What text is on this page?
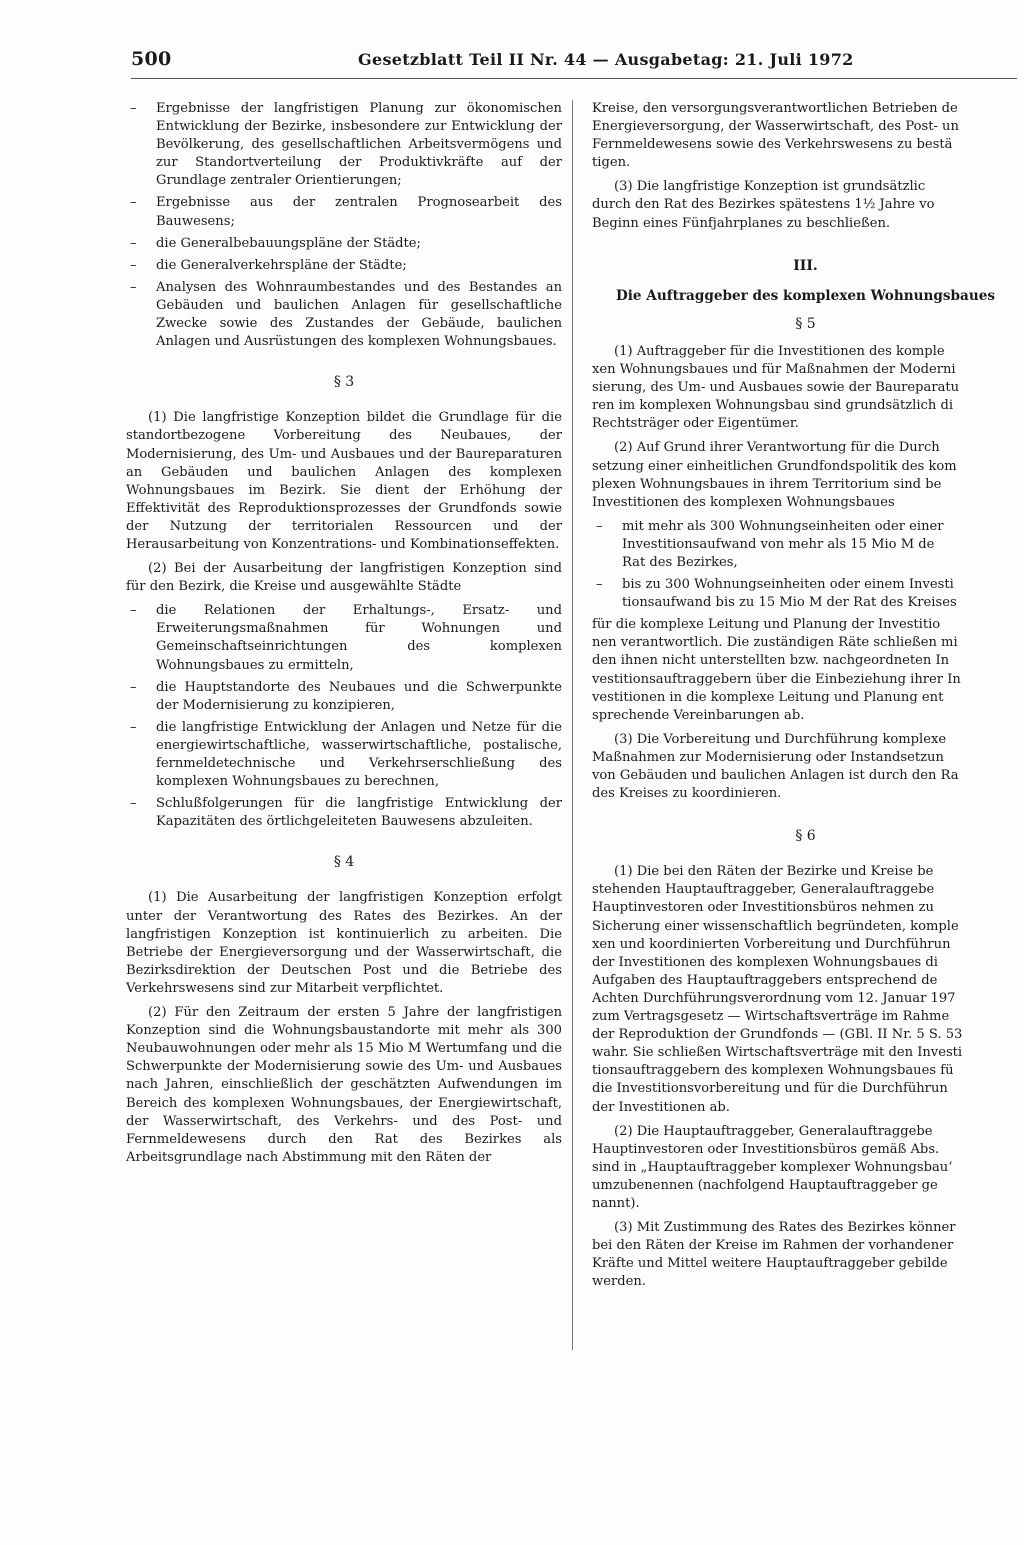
500	Gesetzblatt Teil II Nr. 44 — Ausgabetag: 21. Juli 1972
– Ergebnisse der langfristigen Planung zur ökonomischen Entwicklung der Bezirke, insbesondere zur Entwicklung der Bevölkerung, des gesellschaftlichen Arbeitsvermögens und zur Standortverteilung der Produktivkräfte auf der Grundlage zentraler Orientierungen;
– Ergebnisse aus der zentralen Prognosearbeit des Bauwesens;
– die Generalbebauungspläne der Städte;
– die Generalverkehrspläne der Städte;
– Analysen des Wohnraumbestandes und des Bestandes an Gebäuden und baulichen Anlagen für gesellschaftliche Zwecke sowie des Zustandes der Gebäude, baulichen Anlagen und Ausrüstungen des komplexen Wohnungsbaues.
§ 3
(1) Die langfristige Konzeption bildet die Grundlage für die standortbezogene Vorbereitung des Neubaues, der Modernisierung, des Um- und Ausbaues und der Baureparaturen an Gebäuden und baulichen Anlagen des komplexen Wohnungsbaues im Bezirk. Sie dient der Erhöhung der Effektivität des Reproduktionsprozesses der Grundfonds sowie der Nutzung der territorialen Ressourcen und der Herausarbeitung von Konzentrations- und Kombinationseffekten.
(2) Bei der Ausarbeitung der langfristigen Konzeption sind für den Bezirk, die Kreise und ausgewählte Städte
– die Relationen der Erhaltungs-, Ersatz- und Erweiterungsmaßnahmen für Wohnungen und Gemeinschaftseinrichtungen des komplexen Wohnungsbaues zu ermitteln,
– die Hauptstandorte des Neubaues und die Schwerpunkte der Modernisierung zu konzipieren,
– die langfristige Entwicklung der Anlagen und Netze für die energiewirtschaftliche, wasserwirtschaftliche, postalische, fernmeldetechnische und Verkehrserschließung des komplexen Wohnungsbaues zu berechnen,
– Schlußfolgerungen für die langfristige Entwicklung der Kapazitäten des örtlichgeleiteten Bauwesens abzuleiten.
§ 4
(1) Die Ausarbeitung der langfristigen Konzeption erfolgt unter der Verantwortung des Rates des Bezirkes. An der langfristigen Konzeption ist kontinuierlich zu arbeiten. Die Betriebe der Energieversorgung und der Wasserwirtschaft, die Bezirksdirektion der Deutschen Post und die Betriebe des Verkehrswesens sind zur Mitarbeit verpflichtet.
(2) Für den Zeitraum der ersten 5 Jahre der langfristigen Konzeption sind die Wohnungsbaustandorte mit mehr als 300 Neubauwohnungen oder mehr als 15 Mio M Wertumfang und die Schwerpunkte der Modernisierung sowie des Um- und Ausbaues nach Jahren, einschließlich der geschätzten Aufwendungen im Bereich des komplexen Wohnungsbaues, der Energiewirtschaft, der Wasserwirtschaft, des Verkehrs- und des Post- und Fernmeldewesens durch den Rat des Bezirkes als Arbeitsgrundlage nach Abstimmung mit den Räten der
Kreise, den versorgungsverantwortlichen Betrieben de
Energieversorgung, der Wasserwirtschaft, des Post- un
Fernmeldewesens sowie des Verkehrswesens zu bestä
tigen.
(3) Die langfristige Konzeption ist grundsätzlic
durch den Rat des Bezirkes spätestens 1½ Jahre vo
Beginn eines Fünfjahrplanes zu beschließen.
III.
Die Auftraggeber des komplexen Wohnungsbaues
§ 5
(1) Auftraggeber für die Investitionen des komple
xen Wohnungsbaues und für Maßnahmen der Moderni
sierung, des Um- und Ausbaues sowie der Baureparatu
ren im komplexen Wohnungsbau sind grundsätzlich di
Rechtsträger oder Eigentümer.
(2) Auf Grund ihrer Verantwortung für die Durch
setzung einer einheitlichen Grundfondspolitik des kom
plexen Wohnungsbaues in ihrem Territorium sind be
Investitionen des komplexen Wohnungsbaues
– mit mehr als 300 Wohnungseinheiten oder einer
Investitionsaufwand von mehr als 15 Mio M de
Rat des Bezirkes,
– bis zu 300 Wohnungseinheiten oder einem Investi
tionsaufwand bis zu 15 Mio M der Rat des Kreises
für die komplexe Leitung und Planung der Investitio
nen verantwortlich. Die zuständigen Räte schließen mi
den ihnen nicht unterstellten bzw. nachgeordneten In
vestitionsauftraggebern über die Einbeziehung ihrer In
vestitionen in die komplexe Leitung und Planung ent
sprechende Vereinbarungen ab.
(3) Die Vorbereitung und Durchführung komplexe
Maßnahmen zur Modernisierung oder Instandsetzun
von Gebäuden und baulichen Anlagen ist durch den Ra
des Kreises zu koordinieren.
§ 6
(1) Die bei den Räten der Bezirke und Kreise be
stehenden Hauptauftraggeber, Generalauftraggebe
Hauptinvestoren oder Investitionsbüros nehmen zu
Sicherung einer wissenschaftlich begründeten, komple
xen und koordinierten Vorbereitung und Durchführun
der Investitionen des komplexen Wohnungsbaues di
Aufgaben des Hauptauftraggebers entsprechend de
Achten Durchführungsverordnung vom 12. Januar 197
zum Vertragsgesetz — Wirtschaftsverträge im Rahme
der Reproduktion der Grundfonds — (GBl. II Nr. 5 S. 53
wahr. Sie schließen Wirtschaftsverträge mit den Investi
tionsauftraggebern des komplexen Wohnungsbaues fü
die Investitionsvorbereitung und für die Durchführun
der Investitionen ab.
(2) Die Hauptauftraggeber, Generalauftraggebe
Hauptinvestoren oder Investitionsbüros gemäß Abs.
sind in „Hauptauftraggeber komplexer Wohnungsbau‘
umzubenennen (nachfolgend Hauptauftraggeber ge
nannt).
(3) Mit Zustimmung des Rates des Bezirkes könner
bei den Räten der Kreise im Rahmen der vorhandener
Kräfte und Mittel weitere Hauptauftraggeber gebilde
werden.
